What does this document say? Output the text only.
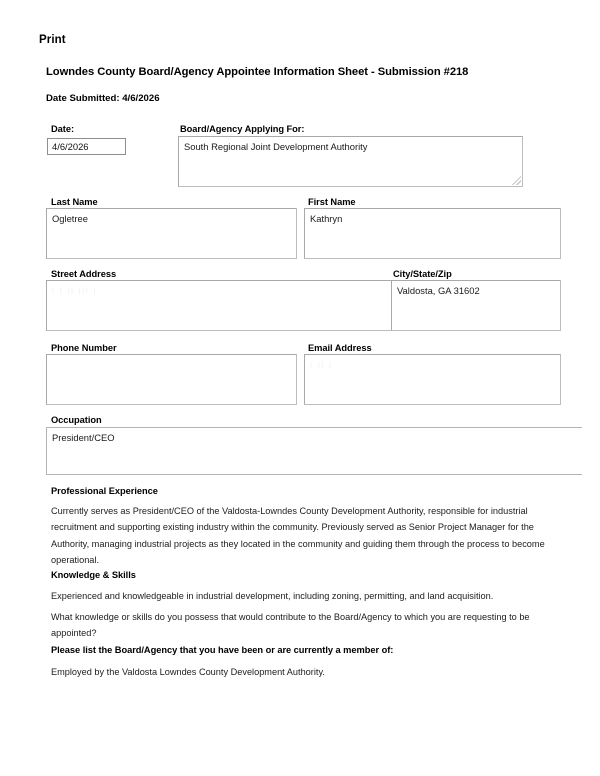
Print
Lowndes County Board/Agency Appointee Information Sheet - Submission #218
Date Submitted: 4/6/2026
Date:
4/6/2026	Board/Agency Applying For:
South Regional Joint Development Authority
Last Name
Ogletree
First Name
Kathryn
Street Address
l l ll lll l
City/State/Zip
Valdosta, GA 31602
Phone Number	Email Address
l ll l
Occupation
President/CEO
Professional Experience
Currently serves as President/CEO of the Valdosta-Lowndes County Development Authority, responsible for industrial recruitment and supporting existing industry within the community. Previously served as Senior Project Manager for the Authority, managing industrial projects as they located in the community and guiding them through the process to become operational.
Knowledge & Skills
Experienced and knowledgeable in industrial development, including zoning, permitting, and land acquisition.
What knowledge or skills do you possess that would contribute to the Board/Agency to which you are requesting to be appointed?
Please list the Board/Agency that you have been or are currently a member of:
Employed by the Valdosta Lowndes County Development Authority.
